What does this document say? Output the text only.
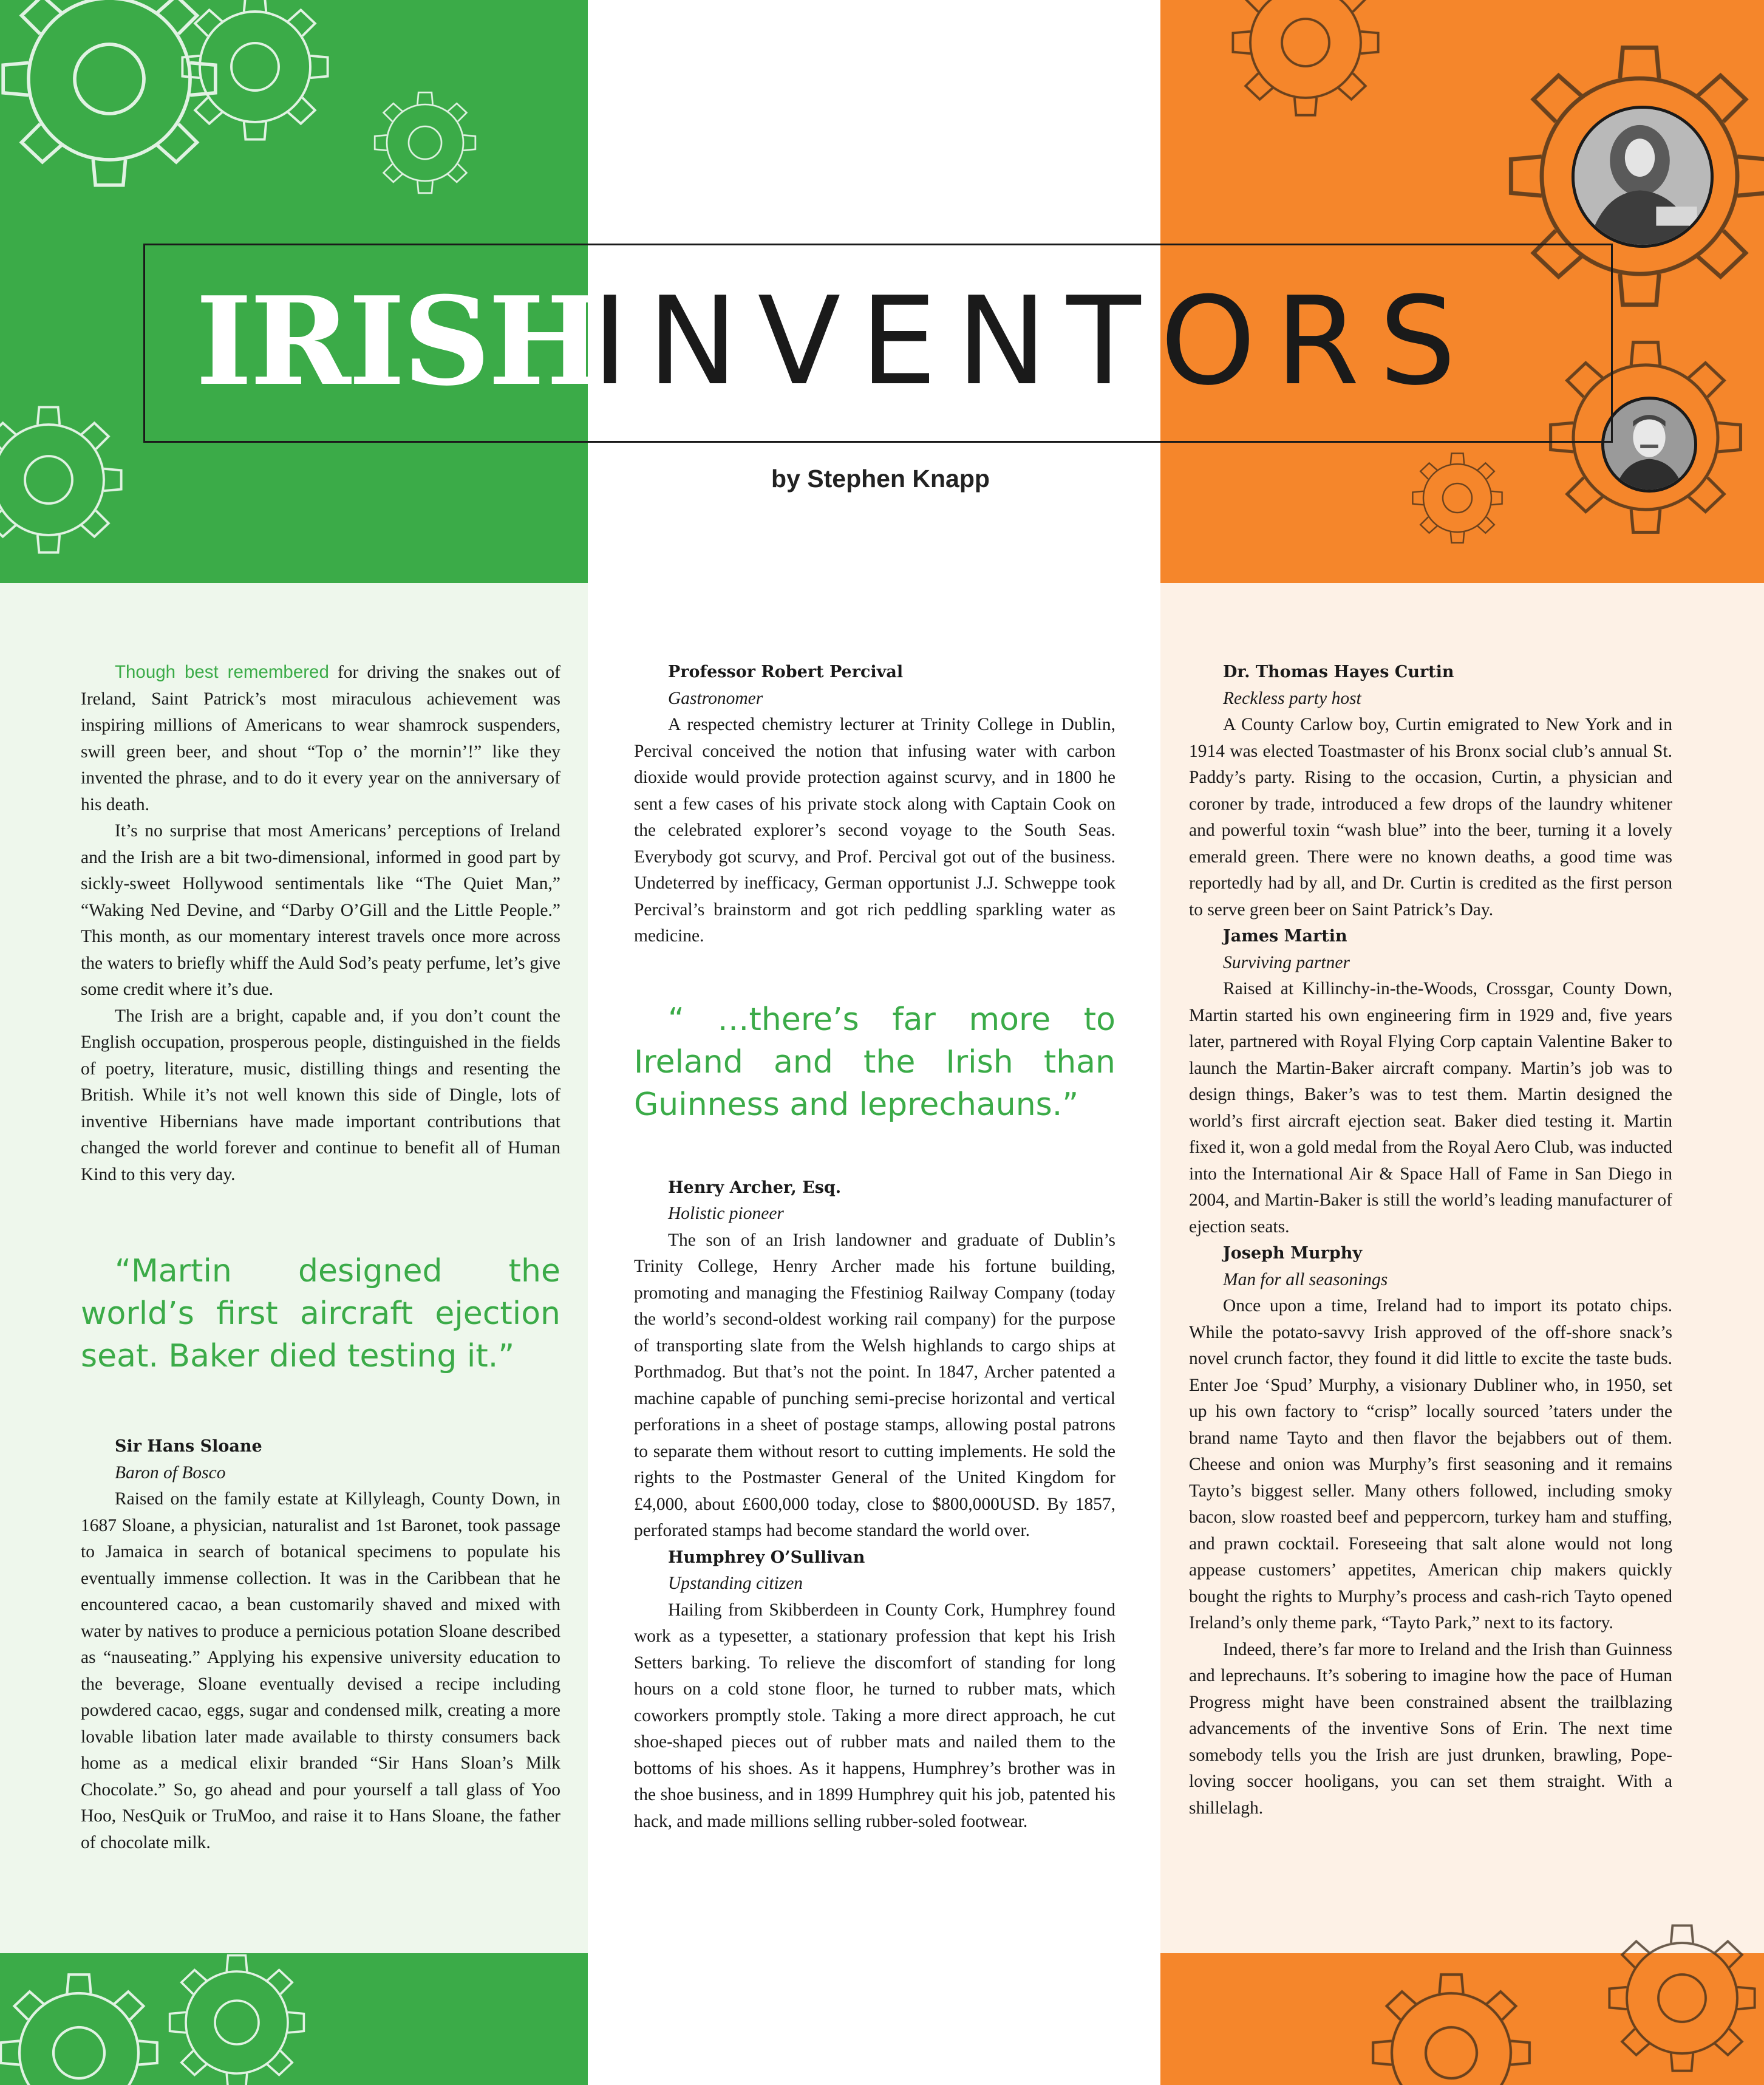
IRISH
INVENTORS
by Stephen Knapp

Though best remembered for driving the snakes out of Ireland, Saint Patrick’s most miraculous achievement was inspiring millions of Americans to wear shamrock suspenders, swill green beer, and shout “Top o’ the mornin’!” like they invented the phrase, and to do it every year on the anniversary of his death.

It’s no surprise that most Americans’ perceptions of Ireland and the Irish are a bit two-dimensional, informed in good part by sickly-sweet Hollywood sentimentals like “The Quiet Man,” “Waking Ned Devine, and “Darby O’Gill and the Little People.” This month, as our momentary interest travels once more across the waters to briefly whiff the Auld Sod’s peaty perfume, let’s give some credit where it’s due.

The Irish are a bright, capable and, if you don’t count the English occupation, prosperous people, distinguished in the fields of poetry, literature, music, distilling things and resenting the British. While it’s not well known this side of Dingle, lots of inventive Hibernians have made important contributions that changed the world forever and continue to benefit all of Human Kind to this very day.

“Martin designed the world’s first aircraft ejection seat. Baker died testing it.”

Sir Hans Sloane
Baron of Bosco

Raised on the family estate at Killyleagh, County Down, in 1687 Sloane, a physician, naturalist and 1st Baronet, took passage to Jamaica in search of botanical specimens to populate his eventually immense collection. It was in the Caribbean that he encountered cacao, a bean customarily shaved and mixed with water by natives to produce a pernicious potation Sloane described as “nauseating.” Applying his expensive university education to the beverage, Sloane eventually devised a recipe including powdered cacao, eggs, sugar and condensed milk, creating a more lovable libation later made available to thirsty consumers back home as a medical elixir branded “Sir Hans Sloan’s Milk Chocolate.” So, go ahead and pour yourself a tall glass of Yoo Hoo, NesQuik or TruMoo, and raise it to Hans Sloane, the father of chocolate milk.

Professor Robert Percival
Gastronomer

A respected chemistry lecturer at Trinity College in Dublin, Percival conceived the notion that infusing water with carbon dioxide would provide protection against scurvy, and in 1800 he sent a few cases of his private stock along with Captain Cook on the celebrated explorer’s second voyage to the South Seas. Everybody got scurvy, and Prof. Percival got out of the business. Undeterred by inefficacy, German opportunist J.J. Schweppe took Percival’s brainstorm and got rich peddling sparkling water as medicine.

“ …there’s far more to Ireland and the Irish than Guinness and leprechauns.”

Henry Archer, Esq.
Holistic pioneer

The son of an Irish landowner and graduate of Dublin’s Trinity College, Henry Archer made his fortune building, promoting and managing the Ffestiniog Railway Company (today the world’s second-oldest working rail company) for the purpose of transporting slate from the Welsh highlands to cargo ships at Porthmadog. But that’s not the point. In 1847, Archer patented a machine capable of punching semi-precise horizontal and vertical perforations in a sheet of postage stamps, allowing postal patrons to separate them without resort to cutting implements. He sold the rights to the Postmaster General of the United Kingdom for £4,000, about £600,000 today, close to $800,000USD. By 1857, perforated stamps had become standard the world over.

Humphrey O’Sullivan
Upstanding citizen

Hailing from Skibberdeen in County Cork, Humphrey found work as a typesetter, a stationary profession that kept his Irish Setters barking. To relieve the discomfort of standing for long hours on a cold stone floor, he turned to rubber mats, which coworkers promptly stole. Taking a more direct approach, he cut shoe-shaped pieces out of rubber mats and nailed them to the bottoms of his shoes. As it happens, Humphrey’s brother was in the shoe business, and in 1899 Humphrey quit his job, patented his hack, and made millions selling rubber-soled footwear.

Dr. Thomas Hayes Curtin
Reckless party host

A County Carlow boy, Curtin emigrated to New York and in 1914 was elected Toastmaster of his Bronx social club’s annual St. Paddy’s party. Rising to the occasion, Curtin, a physician and coroner by trade, introduced a few drops of the laundry whitener and powerful toxin “wash blue” into the beer, turning it a lovely emerald green. There were no known deaths, a good time was reportedly had by all, and Dr. Curtin is credited as the first person to serve green beer on Saint Patrick’s Day.

James Martin
Surviving partner

Raised at Killinchy-in-the-Woods, Crossgar, County Down, Martin started his own engineering firm in 1929 and, five years later, partnered with Royal Flying Corp captain Valentine Baker to launch the Martin-Baker aircraft company. Martin’s job was to design things, Baker’s was to test them. Martin designed the world’s first aircraft ejection seat. Baker died testing it. Martin fixed it, won a gold medal from the Royal Aero Club, was inducted into the International Air & Space Hall of Fame in San Diego in 2004, and Martin-Baker is still the world’s leading manufacturer of ejection seats.

Joseph Murphy
Man for all seasonings

Once upon a time, Ireland had to import its potato chips. While the potato-savvy Irish approved of the off-shore snack’s novel crunch factor, they found it did little to excite the taste buds. Enter Joe ‘Spud’ Murphy, a visionary Dubliner who, in 1950, set up his own factory to “crisp” locally sourced ’taters under the brand name Tayto and then flavor the bejabbers out of them. Cheese and onion was Murphy’s first seasoning and it remains Tayto’s biggest seller. Many others followed, including smoky bacon, slow roasted beef and peppercorn, turkey ham and stuffing, and prawn cocktail. Foreseeing that salt alone would not long appease customers’ appetites, American chip makers quickly bought the rights to Murphy’s process and cash-rich Tayto opened Ireland’s only theme park, “Tayto Park,” next to its factory.

Indeed, there’s far more to Ireland and the Irish than Guinness and leprechauns. It’s sobering to imagine how the pace of Human Progress might have been constrained absent the trailblazing advancements of the inventive Sons of Erin. The next time somebody tells you the Irish are just drunken, brawling, Pope-loving soccer hooligans, you can set them straight. With a shillelagh.
